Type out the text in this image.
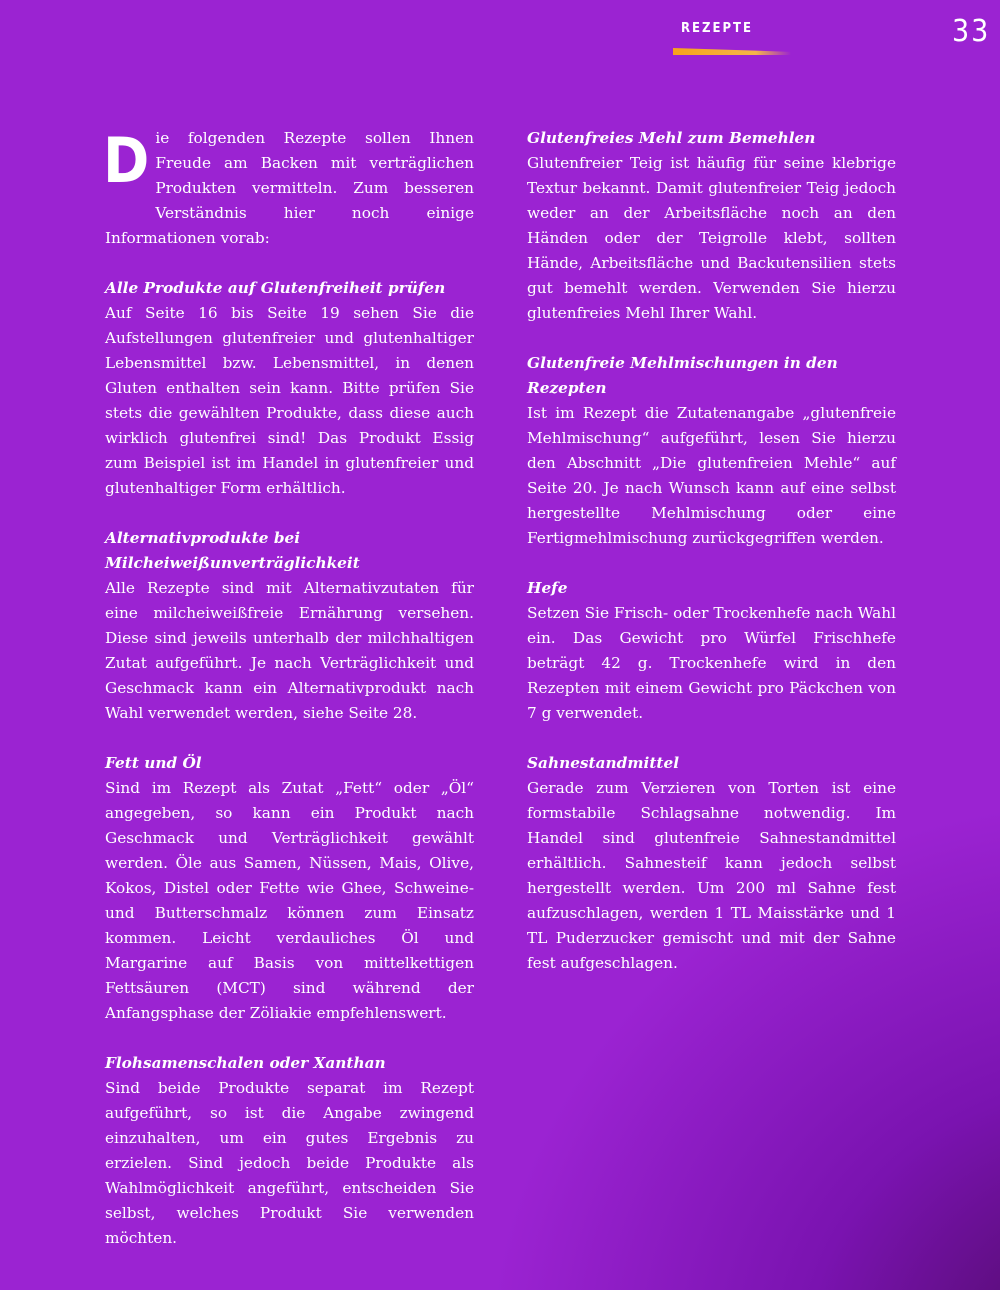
REZEPTE	33
D ie folgenden Rezepte sollen Ihnen Freude am Backen mit verträglichen Produkten vermitteln. Zum besseren Verständnis hier noch einige Informationen vorab:

Alle Produkte auf Glutenfreiheit prüfen

Auf Seite 16 bis Seite 19 sehen Sie die Aufstellungen glutenfreier und glutenhaltiger Lebensmittel bzw. Lebensmittel, in denen Gluten enthalten sein kann. Bitte prüfen Sie stets die gewählten Produkte, dass diese auch wirklich glutenfrei sind! Das Produkt Essig zum Beispiel ist im Handel in glutenfreier und glutenhaltiger Form erhältlich.

Alternativprodukte bei Milcheiweißunverträglichkeit

Alle Rezepte sind mit Alternativzutaten für eine milcheiweißfreie Ernährung versehen. Diese sind jeweils unterhalb der milchhaltigen Zutat aufgeführt. Je nach Verträglichkeit und Geschmack kann ein Alternativprodukt nach Wahl verwendet werden, siehe Seite 28.

Fett und Öl

Sind im Rezept als Zutat „Fett“ oder „Öl“ angegeben, so kann ein Produkt nach Geschmack und Verträglichkeit gewählt werden. Öle aus Samen, Nüssen, Mais, Olive, Kokos, Distel oder Fette wie Ghee, Schweine- und Butterschmalz können zum Einsatz kommen. Leicht verdauliches Öl und Margarine auf Basis von mittelkettigen Fettsäuren (MCT) sind während der Anfangsphase der Zöliakie empfehlenswert.

Flohsamenschalen oder Xanthan

Sind beide Produkte separat im Rezept aufgeführt, so ist die Angabe zwingend einzuhalten, um ein gutes Ergebnis zu erzielen. Sind jedoch beide Produkte als Wahlmöglichkeit angeführt, entscheiden Sie selbst, welches Produkt Sie verwenden möchten.

Glutenfreies Mehl zum Bemehlen

Glutenfreier Teig ist häufig für seine klebrige Textur bekannt. Damit glutenfreier Teig jedoch weder an der Arbeitsfläche noch an den Händen oder der Teigrolle klebt, sollten Hände, Arbeitsfläche und Backutensilien stets gut bemehlt werden. Verwenden Sie hierzu glutenfreies Mehl Ihrer Wahl.

Glutenfreie Mehlmischungen in den Rezepten

Ist im Rezept die Zutatenangabe „glutenfreie Mehlmischung“ aufgeführt, lesen Sie hierzu den Abschnitt „Die glutenfreien Mehle“ auf Seite 20. Je nach Wunsch kann auf eine selbst hergestellte Mehlmischung oder eine Fertigmehlmischung zurückgegriffen werden.

Hefe

Setzen Sie Frisch- oder Trockenhefe nach Wahl ein. Das Gewicht pro Würfel Frischhefe beträgt 42 g. Trockenhefe wird in den Rezepten mit einem Gewicht pro Päckchen von 7 g verwendet.

Sahnestandmittel

Gerade zum Verzieren von Torten ist eine formstabile Schlagsahne notwendig. Im Handel sind glutenfreie Sahnestandmittel erhältlich. Sahnesteif kann jedoch selbst hergestellt werden. Um 200 ml Sahne fest aufzuschlagen, werden 1 TL Maisstärke und 1 TL Puderzucker gemischt und mit der Sahne fest aufgeschlagen.
